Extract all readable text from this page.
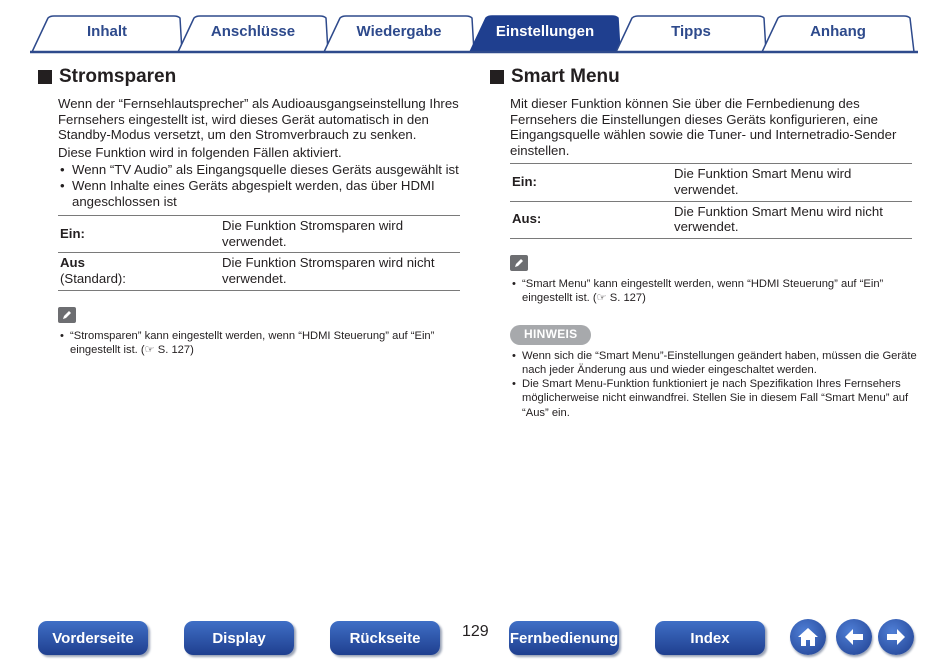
Inhalt	Anschlüsse	Wiedergabe	Einstellungen	Tipps	Anhang
Stromsparen

Wenn der “Fernsehlautsprecher” als Audioausgangseinstellung Ihres Fernsehers eingestellt ist, wird dieses Gerät automatisch in den Standby-Modus versetzt, um den Stromverbrauch zu senken.

Diese Funktion wird in folgenden Fällen aktiviert.

• Wenn “TV Audio” als Eingangsquelle dieses Geräts ausgewählt ist
• Wenn Inhalte eines Geräts abgespielt werden, das über HDMI angeschlossen ist
Ein:	Die Funktion Stromsparen wird verwendet.

Aus
(Standard):	Die Funktion Stromsparen wird nicht verwendet.
• “Stromsparen” kann eingestellt werden, wenn “HDMI Steuerung” auf “Ein” eingestellt ist. (☞ S. 127)
Smart Menu

Mit dieser Funktion können Sie über die Fernbedienung des Fernsehers die Einstellungen dieses Geräts konfigurieren, eine Eingangsquelle wählen sowie die Tuner- und Internetradio-Sender einstellen.

Ein:	Die Funktion Smart Menu wird verwendet.
Aus:	Die Funktion Smart Menu wird nicht verwendet.
• “Smart Menu” kann eingestellt werden, wenn “HDMI Steuerung” auf “Ein” eingestellt ist. (☞ S. 127)
HINWEIS
• Wenn sich die “Smart Menu”-Einstellungen geändert haben, müssen die Geräte nach jeder Änderung aus und wieder eingeschaltet werden.
• Die Smart Menu-Funktion funktioniert je nach Spezifikation Ihres Fernsehers möglicherweise nicht einwandfrei. Stellen Sie in diesem Fall “Smart Menu” auf “Aus” ein.
Vorderseite	Display	Rückseite	129 Fernbedienung	Index
